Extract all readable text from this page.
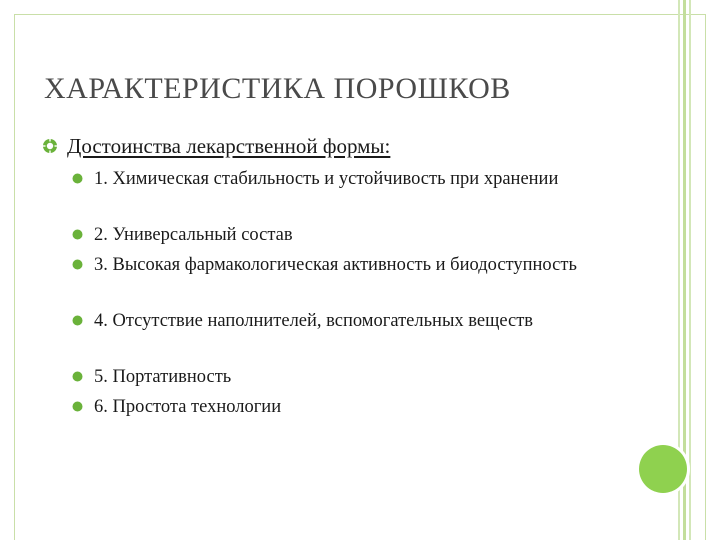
ХАРАКТЕРИСТИКА ПОРОШКОВ
Достоинства лекарственной формы:
1. Химическая стабильность и устойчивость при хранении
2. Универсальный состав
3. Высокая фармакологическая активность и биодоступность
4. Отсутствие наполнителей, вспомогательных веществ
5. Портативность
6. Простота технологии
